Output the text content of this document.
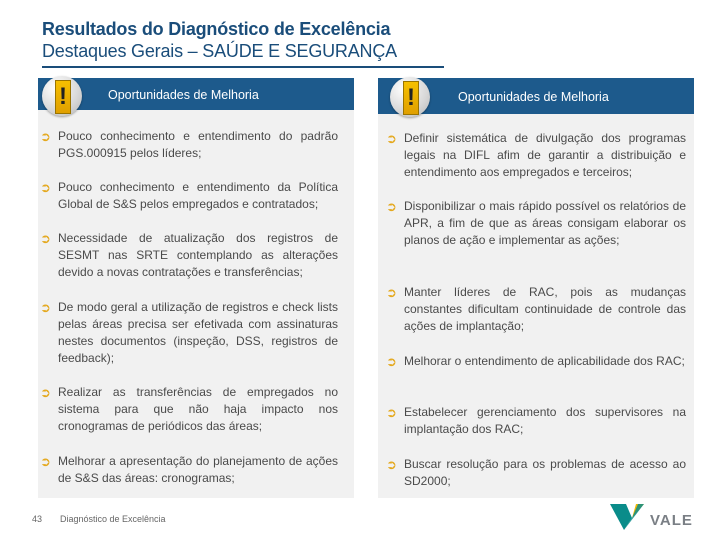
Resultados do Diagnóstico de Excelência
Destaques Gerais – SAÚDE E SEGURANÇA
Oportunidades de Melhoria
!
➲ Pouco conhecimento e entendimento do padrão PGS.000915 pelos líderes;
➲ Pouco conhecimento e entendimento da Política Global de S&S pelos empregados e contratados;
➲ Necessidade de atualização dos registros de SESMT nas SRTE contemplando as alterações devido a novas contratações e transferências;
➲ De modo geral a utilização de registros e check lists pelas áreas precisa ser efetivada com assinaturas nestes documentos (inspeção, DSS, registros de feedback);
➲ Realizar as transferências de empregados no sistema para que não haja impacto nos cronogramas de periódicos das áreas;
➲ Melhorar a apresentação do planejamento de ações de S&S das áreas: cronogramas;
Oportunidades de Melhoria
!
➲ Definir sistemática de divulgação dos programas legais na DIFL afim de garantir a distribuição e entendimento aos empregados e terceiros;
➲ Disponibilizar o mais rápido possível os relatórios de APR, a fim de que as áreas consigam elaborar os planos de ação e implementar as ações;
➲ Manter líderes de RAC, pois as mudanças constantes dificultam continuidade de controle das ações de implantação;
➲ Melhorar o entendimento de aplicabilidade dos RAC;
➲ Estabelecer gerenciamento dos supervisores na implantação dos RAC;
➲ Buscar resolução para os problemas de acesso ao SD2000;
43 Diagnóstico de Excelência	VALE
